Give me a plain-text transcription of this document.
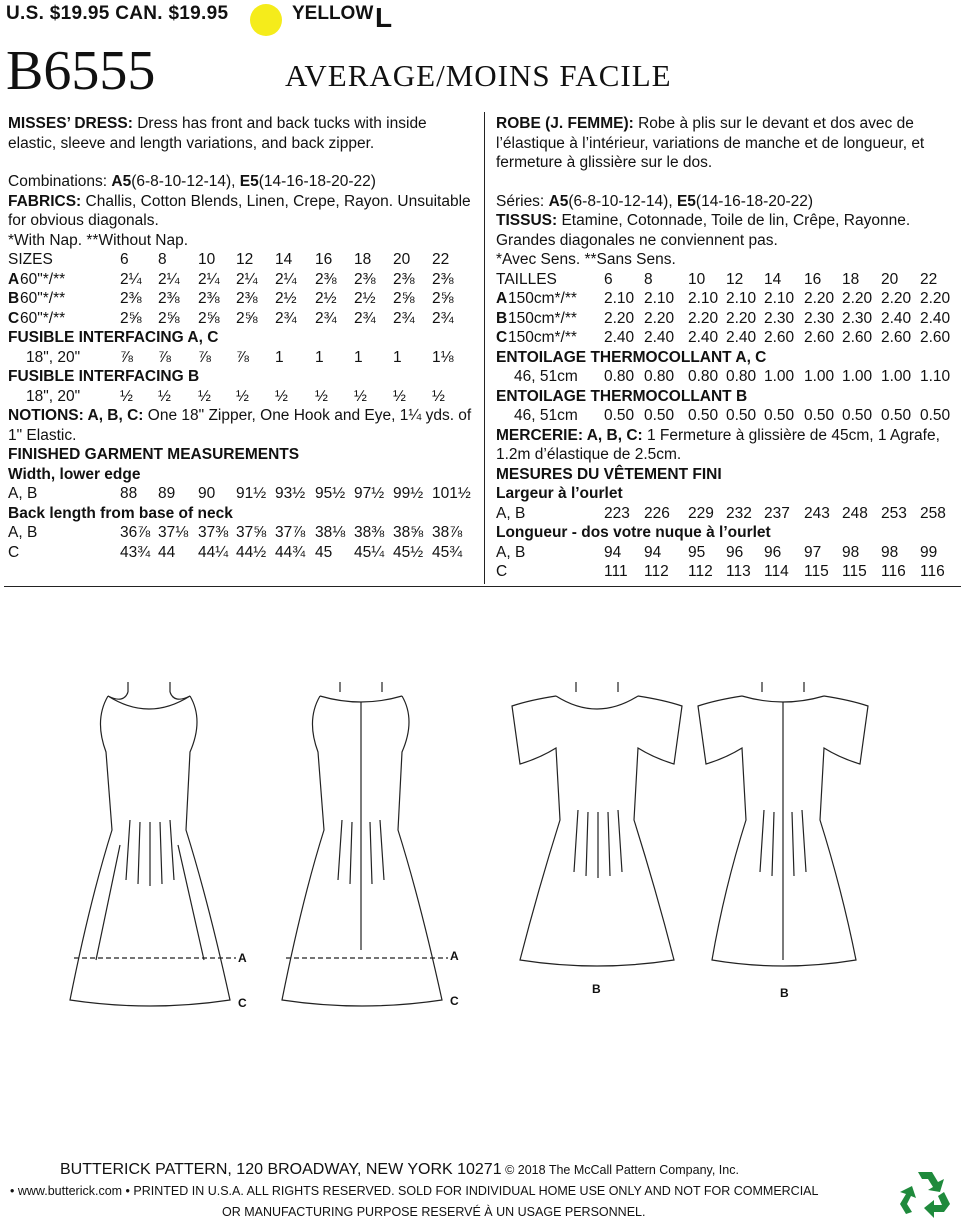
U.S. $19.95 CAN. $19.95	YELLOW L
B6555	AVERAGE/MOINS FACILE

MISSES’ DRESS: Dress has front and back tucks with inside elastic, sleeve and length variations, and back zipper.

Combinations: A5(6-8-10-12-14), E5(14-16-18-20-22)

FABRICS: Challis, Cotton Blends, Linen, Crepe, Rayon. Unsuitable for obvious diagonals.

*With Nap. **Without Nap.

SIZES	6 8 10 12 14 16 18 20 22
A 60"*/**	2¼ 2¼ 2¼ 2¼ 2¼ 2⅜ 2⅜ 2⅜ 2⅜
B 60"*/**	2⅜ 2⅜ 2⅜ 2⅜ 2½ 2½ 2½ 2⅝ 2⅝
C 60"*/**	2⅝ 2⅝ 2⅝ 2⅝ 2¾ 2¾ 2¾ 2¾ 2¾

FUSIBLE INTERFACING A, C

18", 20"	⅞ ⅞ ⅞ ⅞ 1 1 1 1 1⅛

FUSIBLE INTERFACING B

18", 20"	½ ½ ½ ½ ½ ½ ½ ½ ½

NOTIONS: A, B, C: One 18" Zipper, One Hook and Eye, 1¼ yds. of 1" Elastic.

FINISHED GARMENT MEASUREMENTS

Width, lower edge

A, B	88 89 90 91½ 93½ 95½ 97½ 99½ 101½

Back length from base of neck

A, B	36⅞ 37⅛ 37⅜ 37⅝ 37⅞ 38⅛ 38⅜ 38⅝ 38⅞
C	43¾ 44 44¼ 44½ 44¾ 45 45¼ 45½ 45¾

ROBE (J. FEMME): Robe à plis sur le devant et dos avec de l’élastique à l’intérieur, variations de manche et de longueur, et fermeture à glissière sur le dos.

Séries: A5(6-8-10-12-14), E5(14-16-18-20-22)

TISSUS: Etamine, Cotonnade, Toile de lin, Crêpe, Rayonne. Grandes diagonales ne conviennent pas.

*Avec Sens. **Sans Sens.

TAILLES	6 8 10 12 14 16 18 20 22
A 150cm*/** 2.10 2.10 2.10 2.10 2.10 2.20 2.20 2.20 2.20
B 150cm*/** 2.20 2.20 2.20 2.20 2.30 2.30 2.30 2.40 2.40
C 150cm*/** 2.40 2.40 2.40 2.40 2.60 2.60 2.60 2.60 2.60

ENTOILAGE THERMOCOLLANT A, C

46, 51cm 0.80 0.80 0.80 0.80 1.00 1.00 1.00 1.00 1.10

ENTOILAGE THERMOCOLLANT B

46, 51cm 0.50 0.50 0.50 0.50 0.50 0.50 0.50 0.50 0.50

MERCERIE: A, B, C: 1 Fermeture à glissière de 45cm, 1 Agrafe, 1.2m d’élastique de 2.5cm.

MESURES DU VÊTEMENT FINI

Largeur à l’ourlet

A, B	223 226 229 232 237 243 248 253 258

Longueur - dos votre nuque à l’ourlet

A, B	94 94 95 96 96 97 98 98 99
C	111 112 112 113 114 115 115 116 116
A
C
A
C
B	B
BUTTERICK PATTERN, 120 BROADWAY, NEW YORK 10271 © 2018 The McCall Pattern Company, Inc.
• www.butterick.com • PRINTED IN U.S.A. ALL RIGHTS RESERVED. SOLD FOR INDIVIDUAL HOME USE ONLY AND NOT FOR COMMERCIAL
OR MANUFACTURING PURPOSE RESERVÉ À UN USAGE PERSONNEL.
